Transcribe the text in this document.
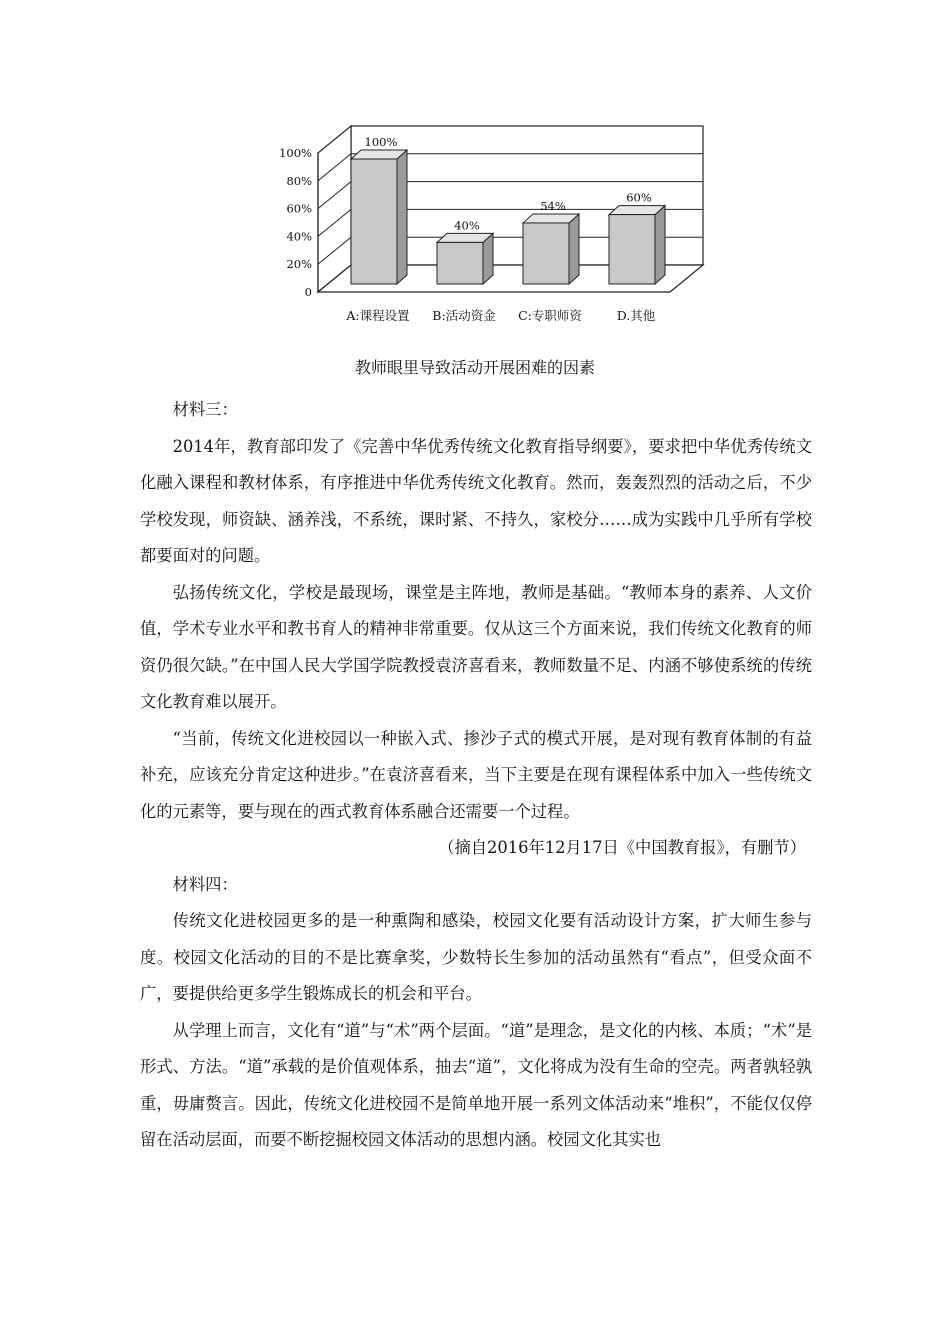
0
20%
40%
60%
80%
100%
100%
A:课程设置
40%
B:活动资金
54%
C:专职师资
60%
D.其他
教师眼里导致活动开展困难的因素

材料三：

2014年，教育部印发了《完善中华优秀传统文化教育指导纲要》，要求把中华优秀传统文化融入课程和教材体系，有序推进中华优秀传统文化教育。然而，轰轰烈烈的活动之后，不少学校发现，师资缺、涵养浅，不系统，课时紧、不持久，家校分……成为实践中几乎所有学校都要面对的问题。

弘扬传统文化，学校是最现场，课堂是主阵地，教师是基础。“教师本身的素养、人文价值，学术专业水平和教书育人的精神非常重要。仅从这三个方面来说，我们传统文化教育的师资仍很欠缺。”在中国人民大学国学院教授袁济喜看来，教师数量不足、内涵不够使系统的传统文化教育难以展开。

“当前，传统文化进校园以一种嵌入式、掺沙子式的模式开展，是对现有教育体制的有益补充，应该充分肯定这种进步。”在袁济喜看来，当下主要是在现有课程体系中加入一些传统文化的元素等，要与现在的西式教育体系融合还需要一个过程。

（摘自2016年12月17日《中国教育报》，有删节）

材料四：

传统文化进校园更多的是一种熏陶和感染，校园文化要有活动设计方案，扩大师生参与度。校园文化活动的目的不是比赛拿奖，少数特长生参加的活动虽然有“看点”，但受众面不广，要提供给更多学生锻炼成长的机会和平台。

从学理上而言，文化有“道”与“术”两个层面。“道”是理念，是文化的内核、本质；“术”是形式、方法。“道”承载的是价值观体系，抽去“道”，文化将成为没有生命的空壳。两者孰轻孰重，毋庸赘言。因此，传统文化进校园不是简单地开展一系列文体活动来“堆积”，不能仅仅停留在活动层面，而要不断挖掘校园文体活动的思想内涵。校园文化其实也
